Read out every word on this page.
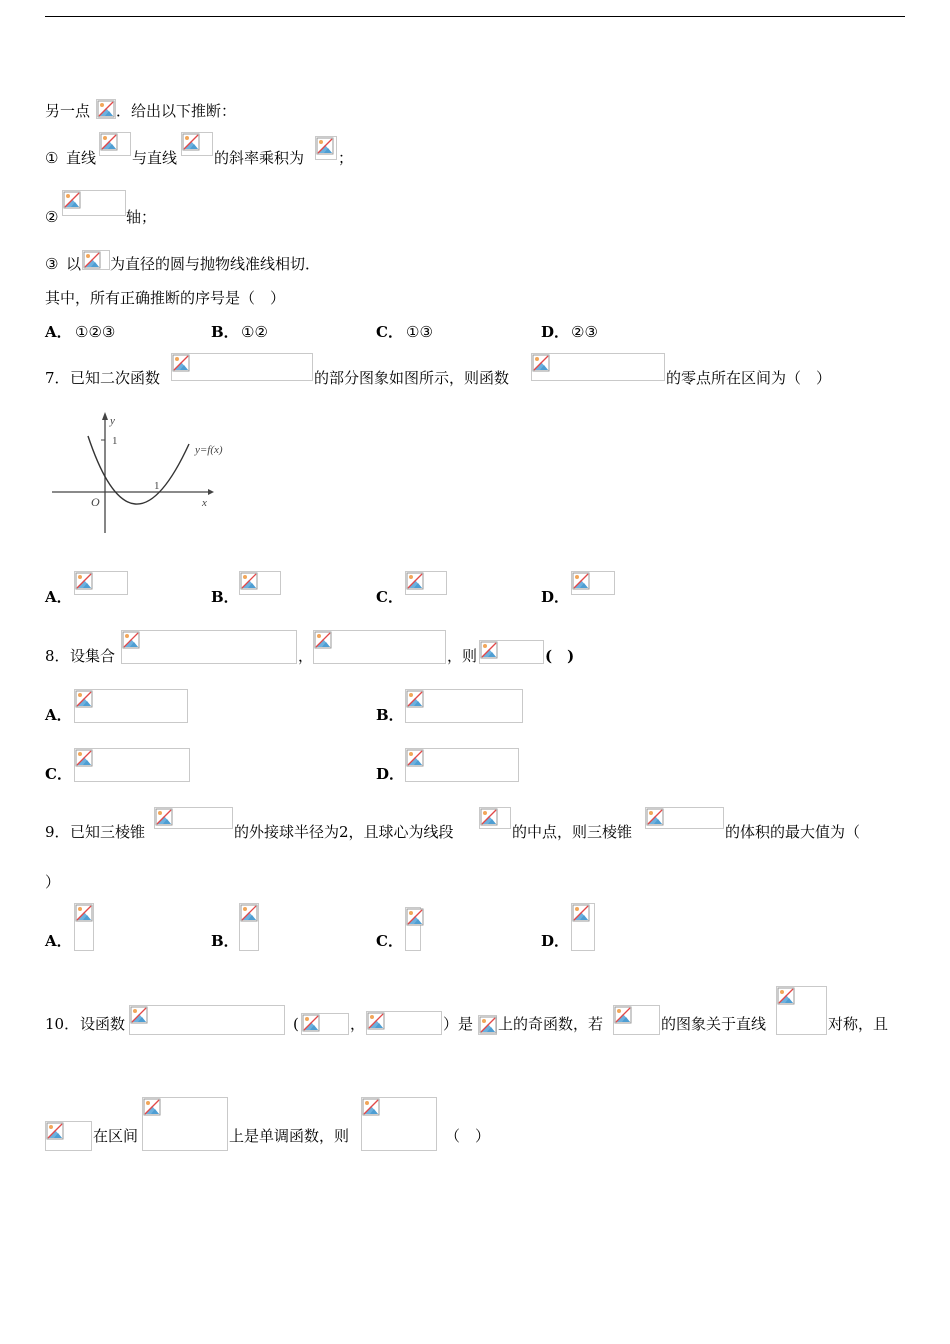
另一点 ．给出以下推断：
① 直线 与直线 的斜率乘积为 ；
②	轴；
③ 以 为直径的圆与抛物线准线相切．
其中，所有正确推断的序号是（　）
A． ①②③	B． ①②	C． ①③	D． ②③
7． 已知二次函数	的部分图象如图所示，则函数	的零点所在区间为（　）
y
1
x
O
1
y=f(x)
A．	B．	C．	D．
8． 设集合	，	，则	(　)
A．	B．
C．	D．
9． 已知三棱锥	的外接球半径为2，且球心为线段	的中点，则三棱锥	的体积的最大值为（
）
A．	B．	C．	D．
10． 设函数	(	，	）是 上的奇函数，若	的图象关于直线	对称，且
在区间	上是单调函数，则	（　）
